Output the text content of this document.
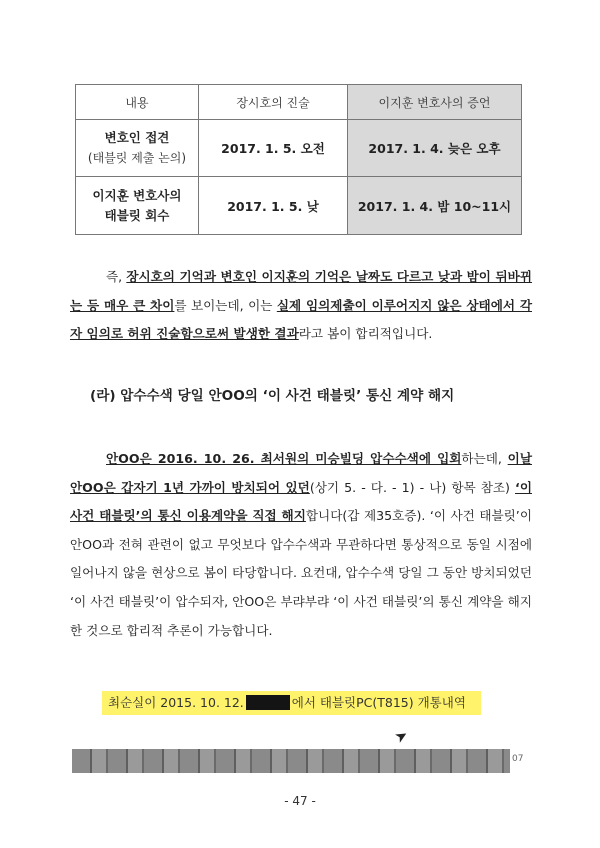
내용	장시호의 진술	이지훈 변호사의 증언

변호인 접견
(태블릿 제출 논의)	2017. 1. 5. 오전	2017. 1. 4. 늦은 오후

이지훈 변호사의
태블릿 회수	2017. 1. 5. 낮	2017. 1. 4. 밤 10~11시

즉, 장시호의 기억과 변호인 이지훈의 기억은 날짜도 다르고 낮과 밤이 뒤바뀌는 등 매우 큰 차이를 보이는데, 이는 실제 임의제출이 이루어지지 않은 상태에서 각자 임의로 허위 진술함으로써 발생한 결과라고 봄이 합리적입니다.

(라) 압수수색 당일 안OO의 ‘이 사건 태블릿’ 통신 계약 해지

안OO은 2016. 10. 26. 최서원의 미승빌딩 압수수색에 입회하는데, 이날 안OO은 갑자기 1년 가까이 방치되어 있던(상기 5. - 다. - 1) - 나) 항목 참조) ‘이 사건 태블릿’의 통신 이용계약을 직접 해지합니다(갑 제35호증). ‘이 사건 태블릿’이 안OO과 전혀 관련이 없고 무엇보다 압수수색과 무관하다면 통상적으로 동일 시점에 일어나지 않을 현상으로 봄이 타당합니다. 요컨대, 압수수색 당일 그 동안 방치되었던 ‘이 사건 태블릿’이 압수되자, 안OO은 부랴부랴 ‘이 사건 태블릿’의 통신 계약을 해지한 것으로 합리적 추론이 가능합니다.

최순실이 2015. 10. 12.	에서 태블릿PC(T815) 개통내역
➤
07
- 47 -
